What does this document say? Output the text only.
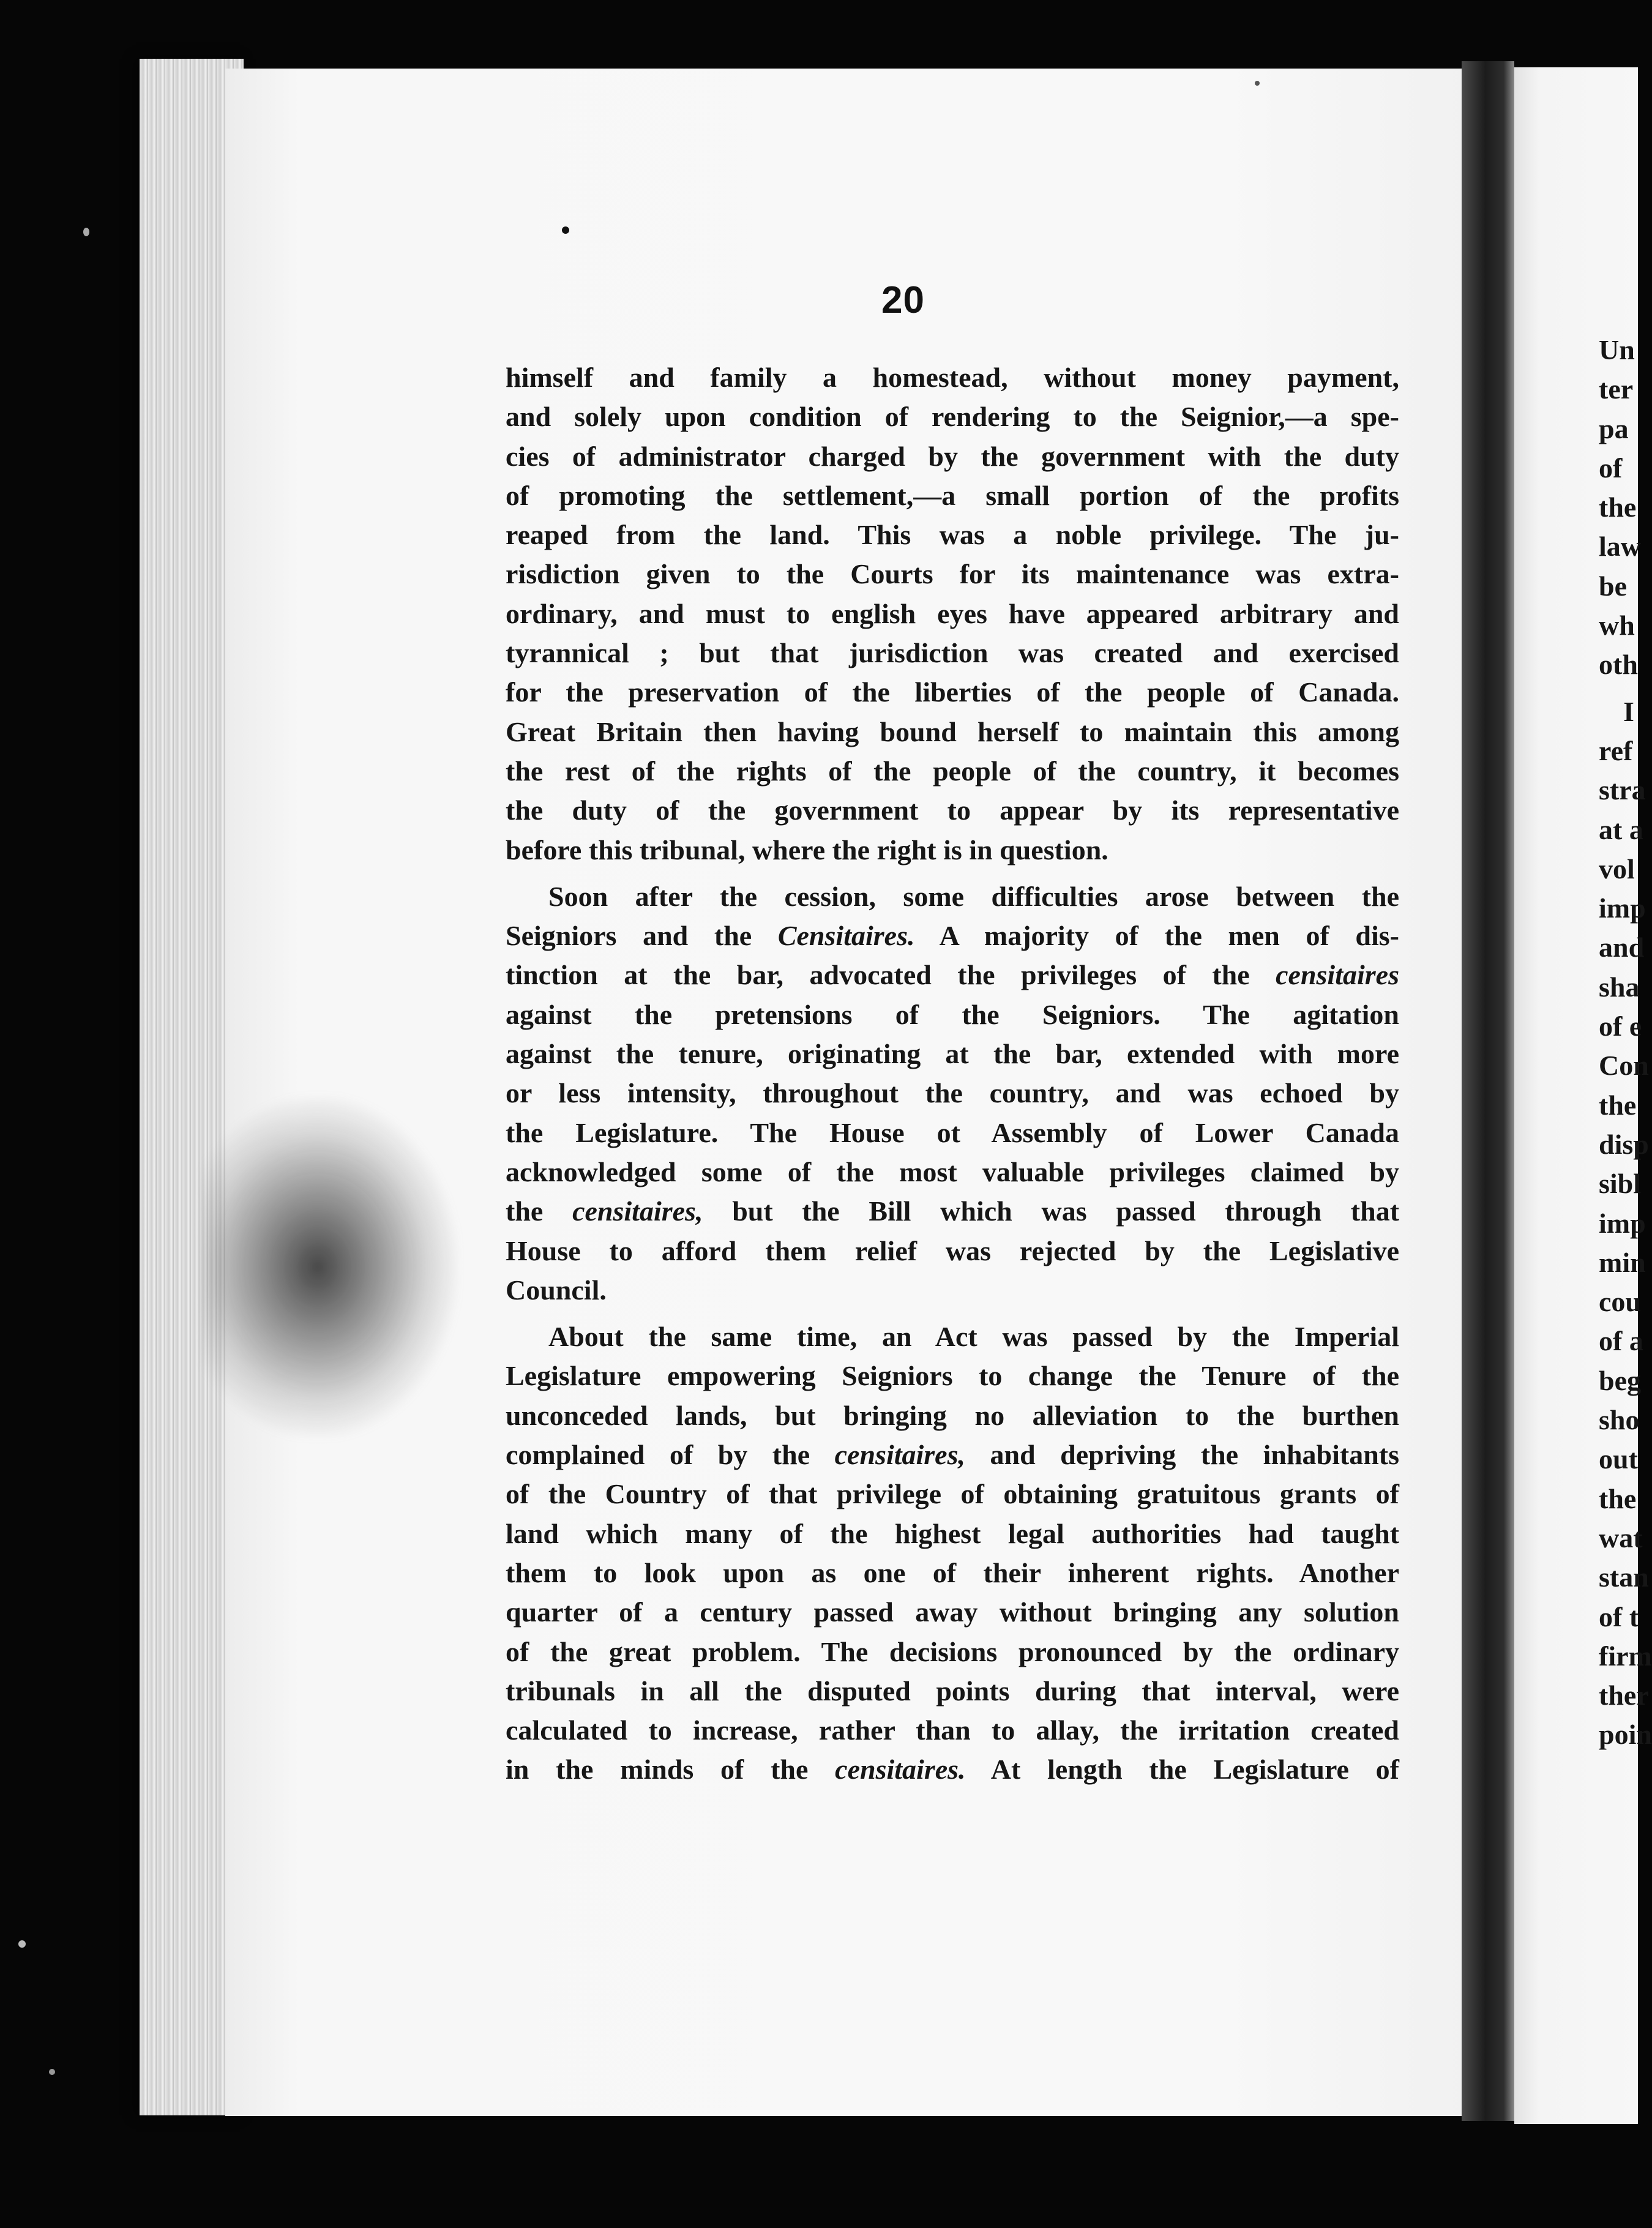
20
himself and family a homestead, without money payment,
and solely upon condition of rendering to the Seignior,—a spe-
cies of administrator charged by the government with the duty
of promoting the settlement,—a small portion of the profits
reaped from the land. This was a noble privilege. The ju-
risdiction given to the Courts for its maintenance was extra-
ordinary, and must to english eyes have appeared arbitrary and
tyrannical ; but that jurisdiction was created and exercised
for the preservation of the liberties of the people of Canada.
Great Britain then having bound herself to maintain this among
the rest of the rights of the people of the country, it becomes
the duty of the government to appear by its representative
before this tribunal, where the right is in question.
Soon after the cession, some difficulties arose between the
Seigniors and the Censitaires. A majority of the men of dis-
tinction at the bar, advocated the privileges of the censitaires
against the pretensions of the Seigniors. The agitation
against the tenure, originating at the bar, extended with more
or less intensity, throughout the country, and was echoed by
the Legislature. The House ot Assembly of Lower Canada
acknowledged some of the most valuable privileges claimed by
the censitaires, but the Bill which was passed through that
House to afford them relief was rejected by the Legislative
Council.
About the same time, an Act was passed by the Imperial
Legislature empowering Seigniors to change the Tenure of the
unconceded lands, but bringing no alleviation to the burthen
complained of by the censitaires, and depriving the inhabitants
of the Country of that privilege of obtaining gratuitous grants of
land which many of the highest legal authorities had taught
them to look upon as one of their inherent rights. Another
quarter of a century passed away without bringing any solution
of the great problem. The decisions pronounced by the ordinary
tribunals in all the disputed points during that interval, were
calculated to increase, rather than to allay, the irritation created
in the minds of the censitaires. At length the Legislature of
Un
ter
pa
of
the
law
be
wh
oth
I
ref
stra
at a
vol
imp
and
sha
of e
Con
the
disp
sibl
imp
min
cou
of a
beg
sho
out
the
wat
stan
of t
firm
ther
poin
